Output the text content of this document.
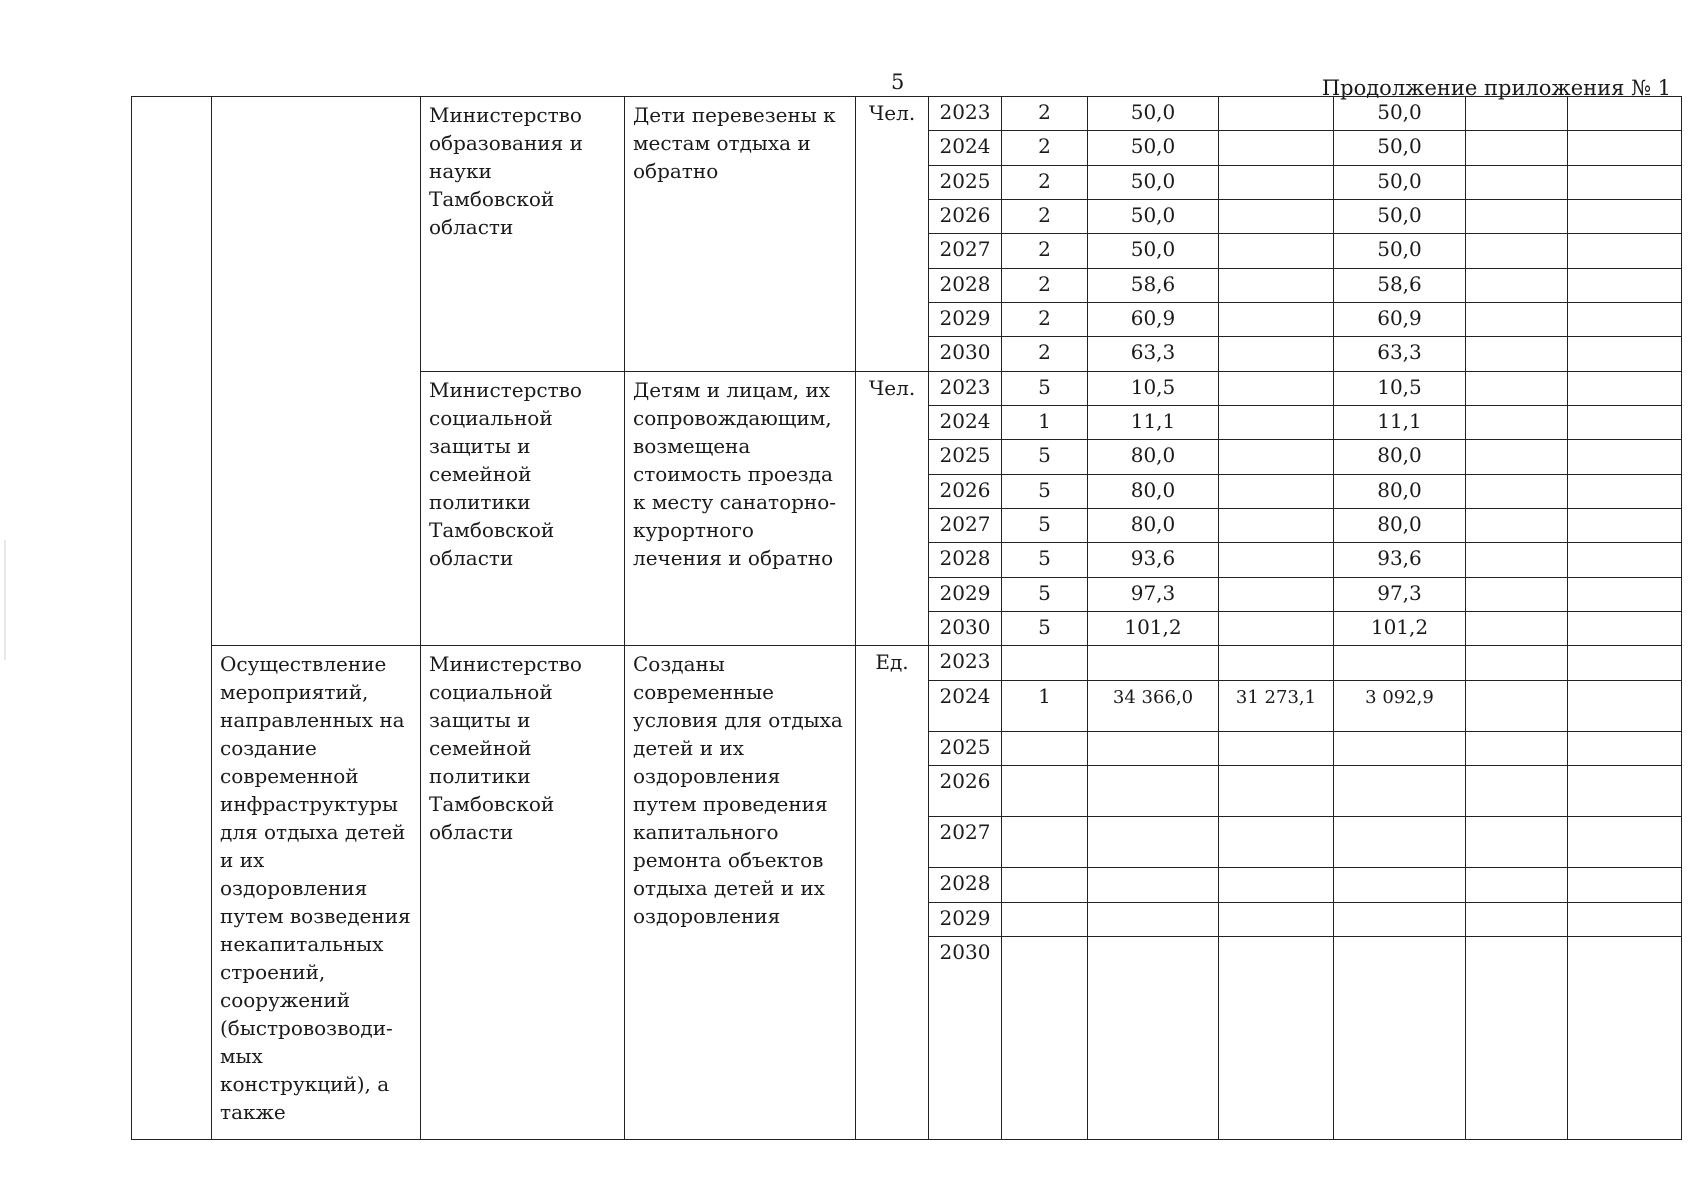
5	Продолжение приложения № 1
		Министерство образования и науки Тамбовской области	Дети перевезены к местам отдыха и обратно	Чел.	2023	2	50,0		50,0		
					2024	2	50,0		50,0		
					2025	2	50,0		50,0		
					2026	2	50,0		50,0		
					2027	2	50,0		50,0		
					2028	2	58,6		58,6		
					2029	2	60,9		60,9		
					2030	2	63,3		63,3		
		Министерство социальной защиты и семейной политики Тамбовской области	Детям и лицам, их сопровождающим, возмещена стоимость проезда к месту санаторно-курортного лечения и обратно	Чел.	2023	5	10,5		10,5		
					2024	1	11,1		11,1		
					2025	5	80,0		80,0		
					2026	5	80,0		80,0		
					2027	5	80,0		80,0		
					2028	5	93,6		93,6		
					2029	5	97,3		97,3		
					2030	5	101,2		101,2		
	Осуществление мероприятий, направленных на создание современной инфраструктуры для отдыха детей и их оздоровления путем возведения некапитальных строений, сооружений (быстровозводи-мых конструкций), а также	Министерство социальной защиты и семейной политики Тамбовской области	Созданы современные условия для отдыха детей и их оздоровления путем проведения капитального ремонта объектов отдыха детей и их оздоровления	Ед.	2023						
					2024	1	34 366,0	31 273,1	3 092,9		
					2025						
					2026						
					2027						
					2028						
					2029						
					2030						
